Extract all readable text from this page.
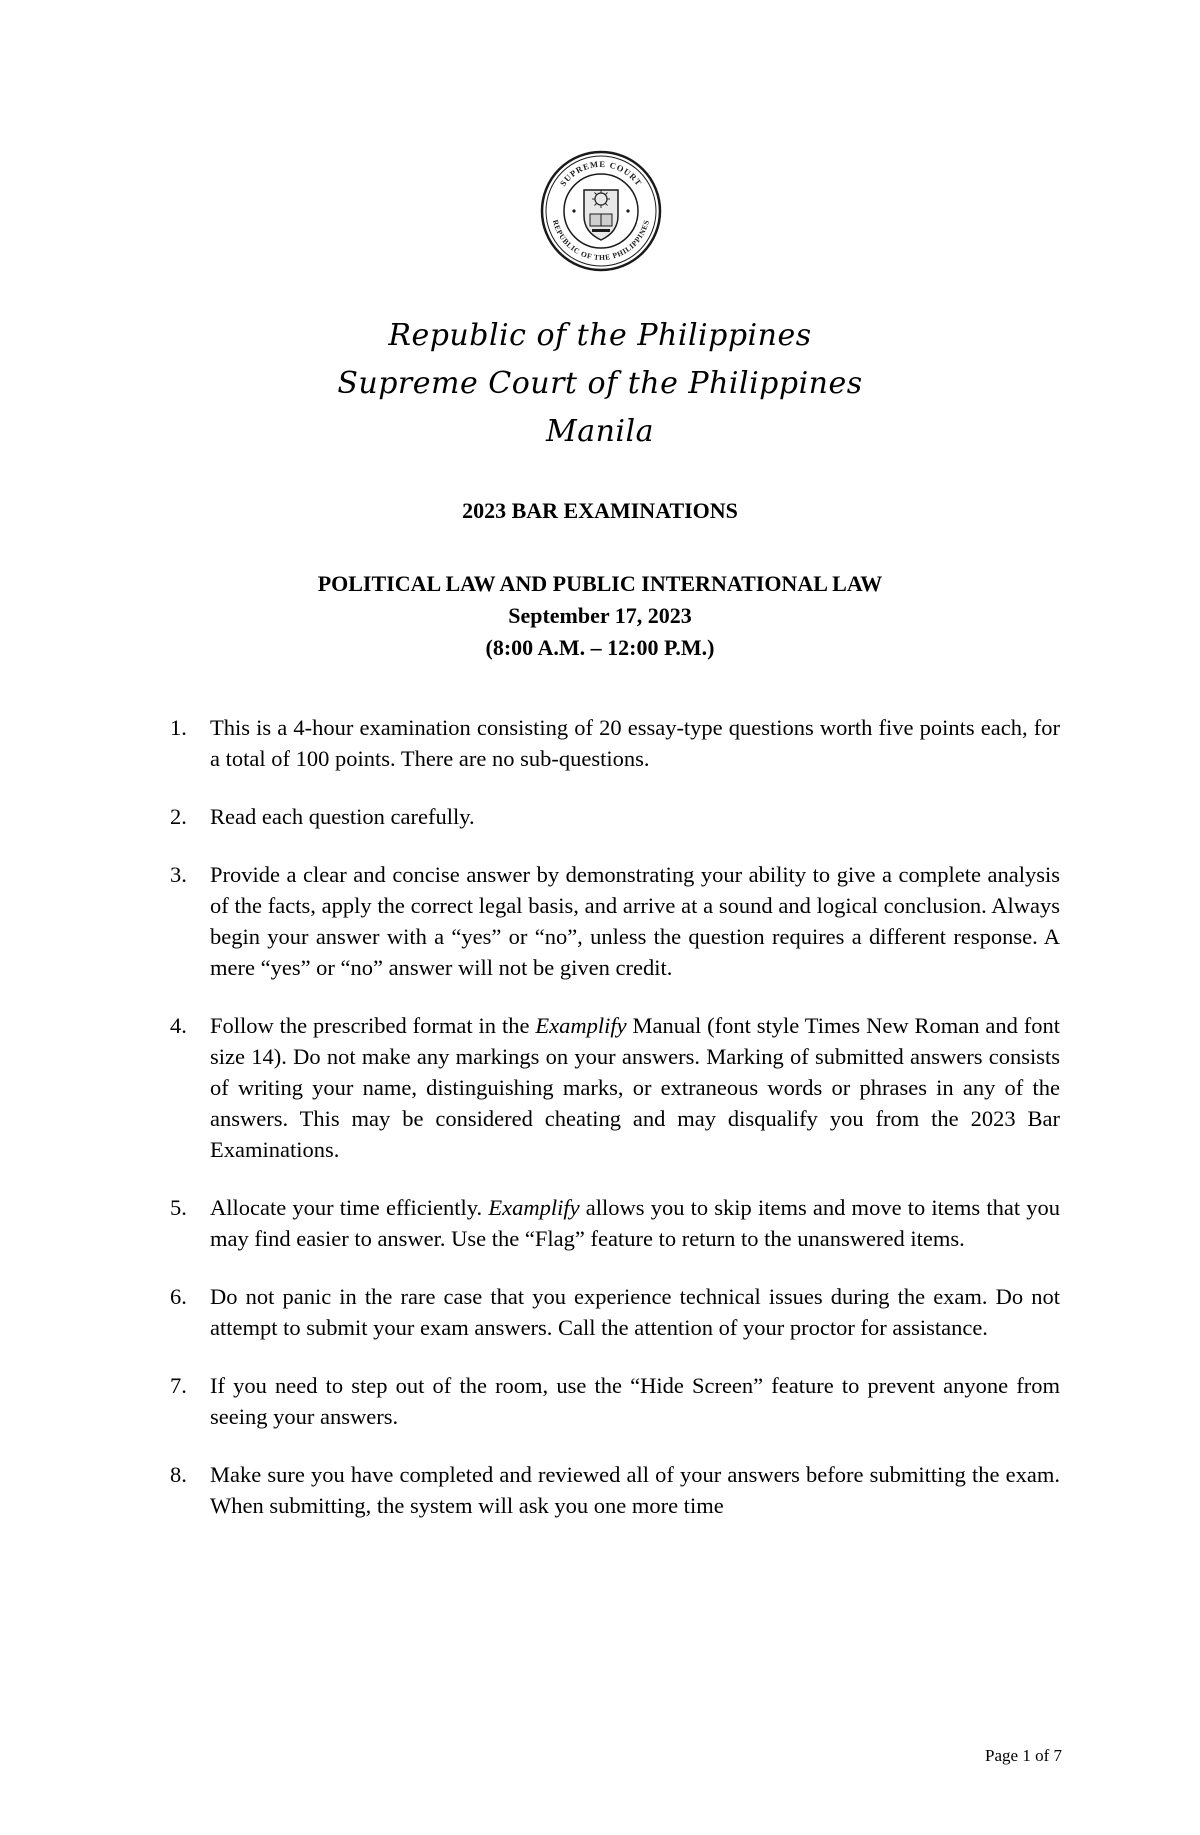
SUPREME COURT
REPUBLIC OF THE PHILIPPINES
Republic of the Philippines
Supreme Court of the Philippines
Manila
2023 BAR EXAMINATIONS
POLITICAL LAW AND PUBLIC INTERNATIONAL LAW
September 17, 2023
(8:00 A.M. – 12:00 P.M.)
1.	This is a 4-hour examination consisting of 20 essay-type questions worth five points each, for a total of 100 points. There are no sub-questions.
2.	Read each question carefully.
3.	Provide a clear and concise answer by demonstrating your ability to give a complete analysis of the facts, apply the correct legal basis, and arrive at a sound and logical conclusion. Always begin your answer with a “yes” or “no”, unless the question requires a different response. A mere “yes” or “no” answer will not be given credit.
4.	Follow the prescribed format in the Examplify Manual (font style Times New Roman and font size 14). Do not make any markings on your answers. Marking of submitted answers consists of writing your name, distinguishing marks, or extraneous words or phrases in any of the answers. This may be considered cheating and may disqualify you from the 2023 Bar Examinations.
5.	Allocate your time efficiently. Examplify allows you to skip items and move to items that you may find easier to answer. Use the “Flag” feature to return to the unanswered items.
6.	Do not panic in the rare case that you experience technical issues during the exam. Do not attempt to submit your exam answers. Call the attention of your proctor for assistance.
7.	If you need to step out of the room, use the “Hide Screen” feature to prevent anyone from seeing your answers.
8.	Make sure you have completed and reviewed all of your answers before submitting the exam. When submitting, the system will ask you one more time
Page 1 of 7
